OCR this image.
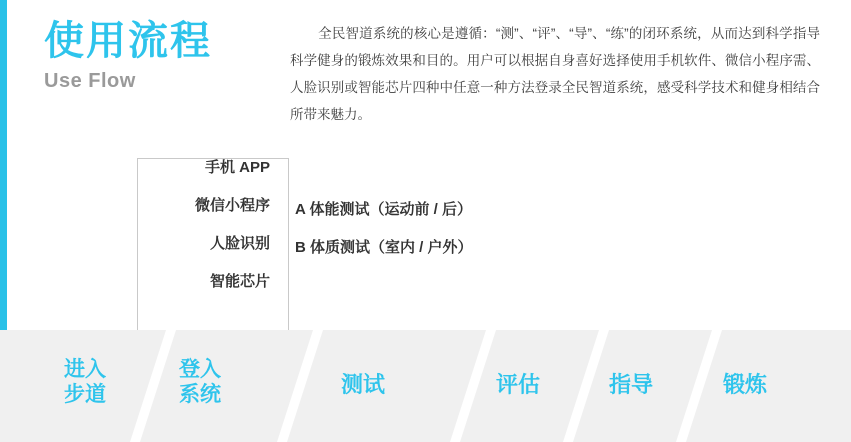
使用流程
Use Flow
全民智道系统的核心是遵循：“测”、“评”、“导”、“练”的闭环系统，从而达到科学指导科学健身的锻炼效果和目的。用户可以根据自身喜好选择使用手机软件、微信小程序需、人脸识别或智能芯片四种中任意一种方法登录全民智道系统，感受科学技术和健身相结合所带来魅力。
手机 APP
微信小程序
人脸识别
智能芯片
A 体能测试（运动前 / 后）
B 体质测试（室内 / 户外）
进入
步道
登入
系统	测试	评估	指导	锻炼
